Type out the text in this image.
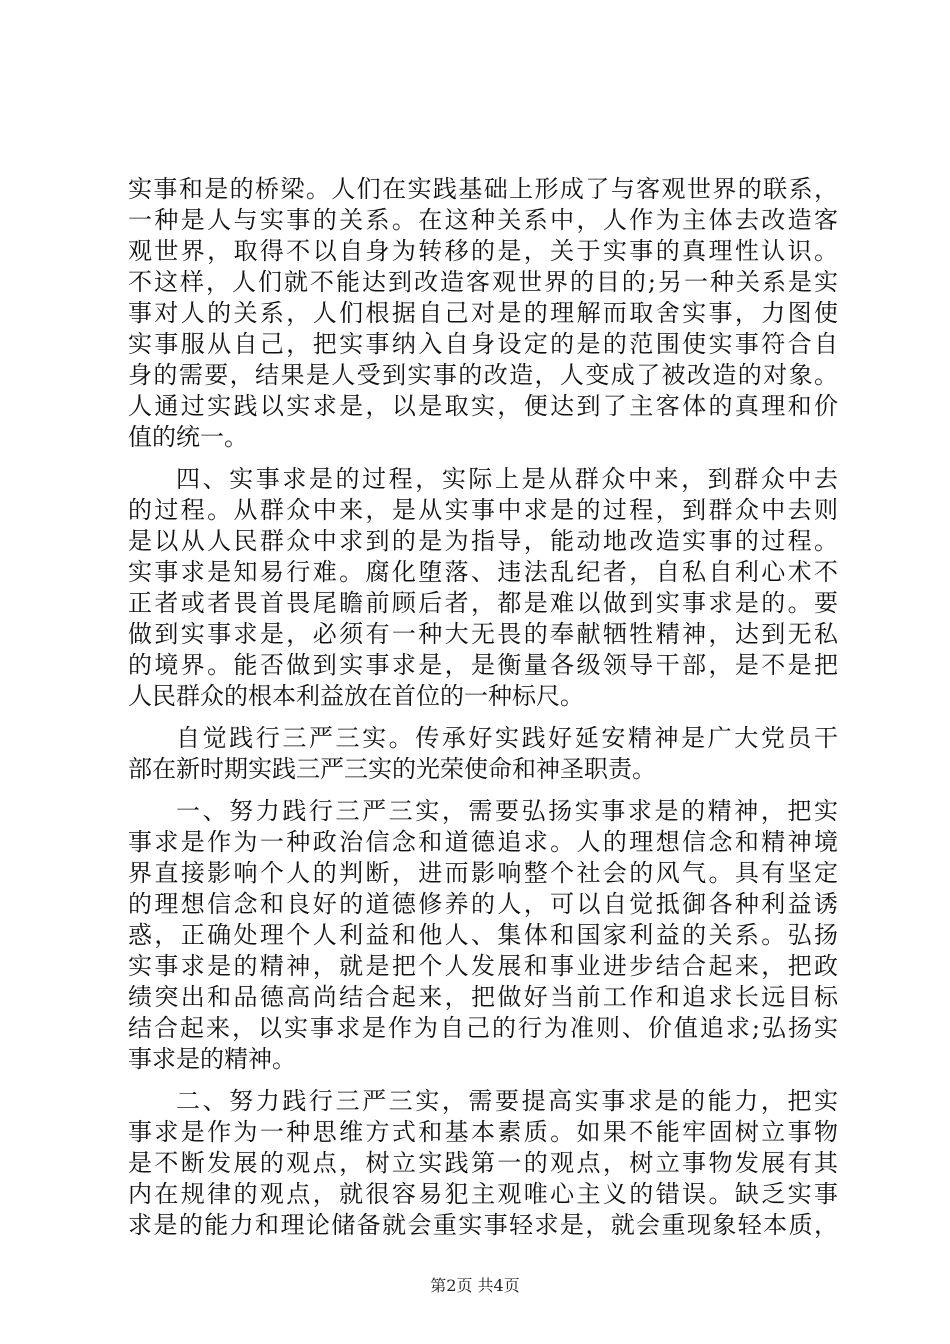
实事和是的桥梁。人们在实践基础上形成了与客观世界的联系，
一种是人与实事的关系。在这种关系中，人作为主体去改造客
观世界，取得不以自身为转移的是，关于实事的真理性认识。
不这样，人们就不能达到改造客观世界的目的;另一种关系是实
事对人的关系，人们根据自己对是的理解而取舍实事，力图使
实事服从自己，把实事纳入自身设定的是的范围使实事符合自
身的需要，结果是人受到实事的改造，人变成了被改造的对象。
人通过实践以实求是，以是取实，便达到了主客体的真理和价
值的统一。
四、实事求是的过程，实际上是从群众中来，到群众中去
的过程。从群众中来，是从实事中求是的过程，到群众中去则
是以从人民群众中求到的是为指导，能动地改造实事的过程。
实事求是知易行难。腐化堕落、违法乱纪者，自私自利心术不
正者或者畏首畏尾瞻前顾后者，都是难以做到实事求是的。要
做到实事求是，必须有一种大无畏的奉献牺牲精神，达到无私
的境界。能否做到实事求是，是衡量各级领导干部，是不是把
人民群众的根本利益放在首位的一种标尺。
自觉践行三严三实。传承好实践好延安精神是广大党员干
部在新时期实践三严三实的光荣使命和神圣职责。
一、努力践行三严三实，需要弘扬实事求是的精神，把实
事求是作为一种政治信念和道德追求。人的理想信念和精神境
界直接影响个人的判断，进而影响整个社会的风气。具有坚定
的理想信念和良好的道德修养的人，可以自觉抵御各种利益诱
惑，正确处理个人利益和他人、集体和国家利益的关系。弘扬
实事求是的精神，就是把个人发展和事业进步结合起来，把政
绩突出和品德高尚结合起来，把做好当前工作和追求长远目标
结合起来，以实事求是作为自己的行为准则、价值追求;弘扬实
事求是的精神。
二、努力践行三严三实，需要提高实事求是的能力，把实
事求是作为一种思维方式和基本素质。如果不能牢固树立事物
是不断发展的观点，树立实践第一的观点，树立事物发展有其
内在规律的观点，就很容易犯主观唯心主义的错误。缺乏实事
求是的能力和理论储备就会重实事轻求是，就会重现象轻本质，
第2页 共4页
